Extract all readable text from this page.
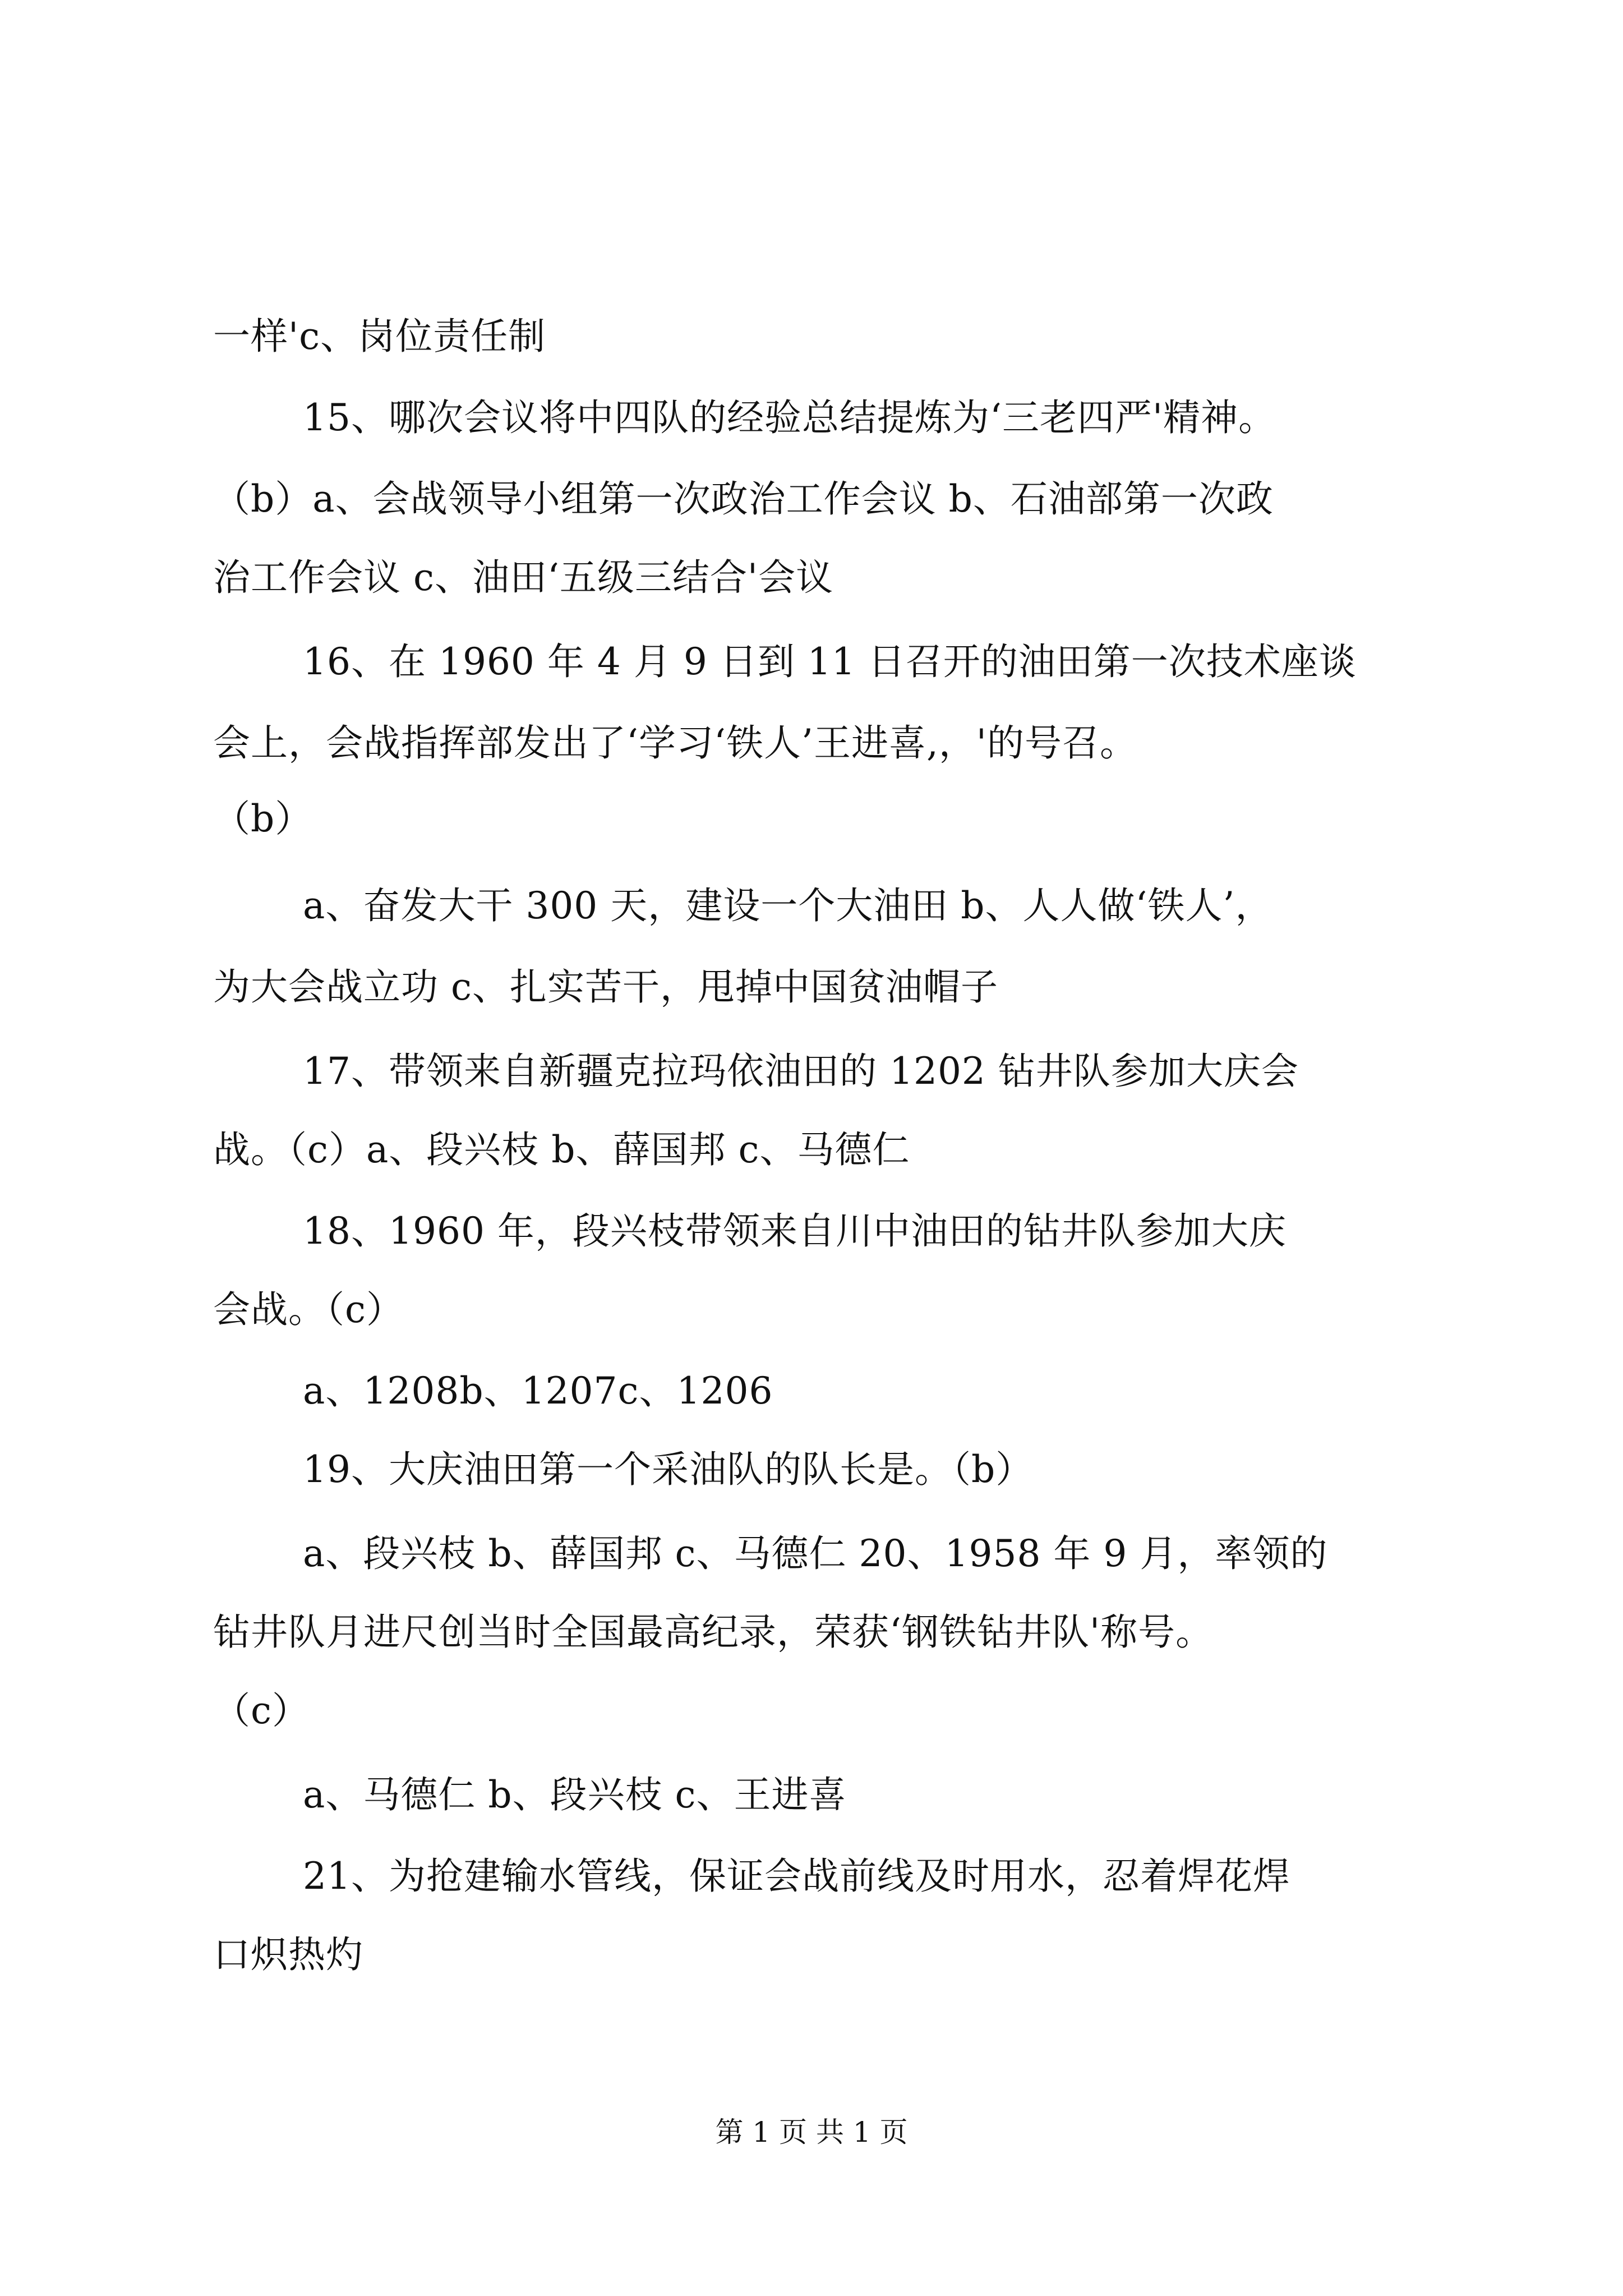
一样'c、岗位责任制
15、哪次会议将中四队的经验总结提炼为‘三老四严'精神。
（b）a、会战领导小组第一次政治工作会议 b、石油部第一次政
治工作会议 c、油田‘五级三结合'会议
16、在 1960 年 4 月 9 日到 11 日召开的油田第一次技术座谈
会上，会战指挥部发出了‘学习‘铁人’王进喜,，'的号召。
（b）
a、奋发大干 300 天，建设一个大油田 b、人人做‘铁人’，
为大会战立功 c、扎实苦干，甩掉中国贫油帽子
17、带领来自新疆克拉玛依油田的 1202 钻井队参加大庆会
战。（c）a、段兴枝 b、薛国邦 c、马德仁
18、1960 年，段兴枝带领来自川中油田的钻井队参加大庆
会战。（c）
a、1208b、1207c、1206
19、大庆油田第一个采油队的队长是。（b）
a、段兴枝 b、薛国邦 c、马德仁 20、1958 年 9 月，率领的
钻井队月进尺创当时全国最高纪录，荣获‘钢铁钻井队'称号。
（c）
a、马德仁 b、段兴枝 c、王进喜
21、为抢建输水管线，保证会战前线及时用水，忍着焊花焊
口炽热灼
第 1 页 共 1 页
